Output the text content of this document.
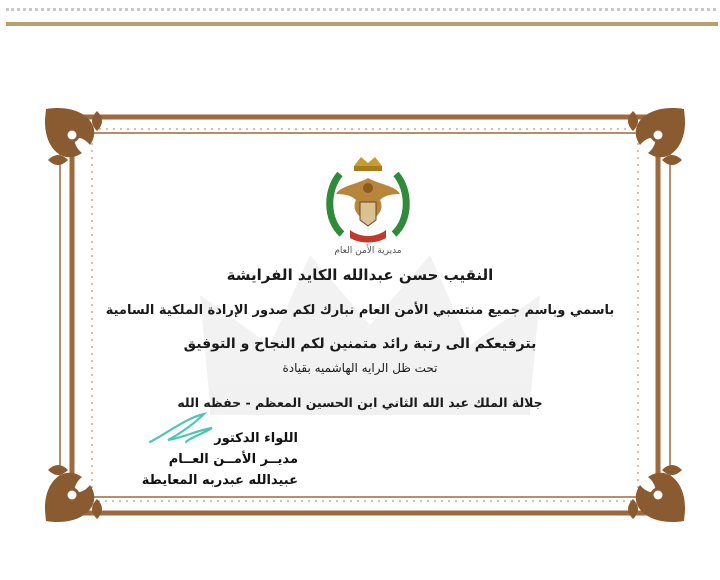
مديرية الأمن العام

النقيب حسن عبدالله الكايد الفرايشة

باسمي وباسم جميع منتسبي الأمن العام نبارك لكم صدور الإرادة الملكية السامية

بترفيعكم الى رتبة رائد متمنين لكم النجاح و التوفيق

تحت ظل الرايه الهاشميه بقيادة

جلالة الملك عبد الله الثاني ابن الحسين المعظم - حفظه الله

اللواء الدكتور
مديــر الأمــن العــام
عبيدالله عبدربه المعايطة
